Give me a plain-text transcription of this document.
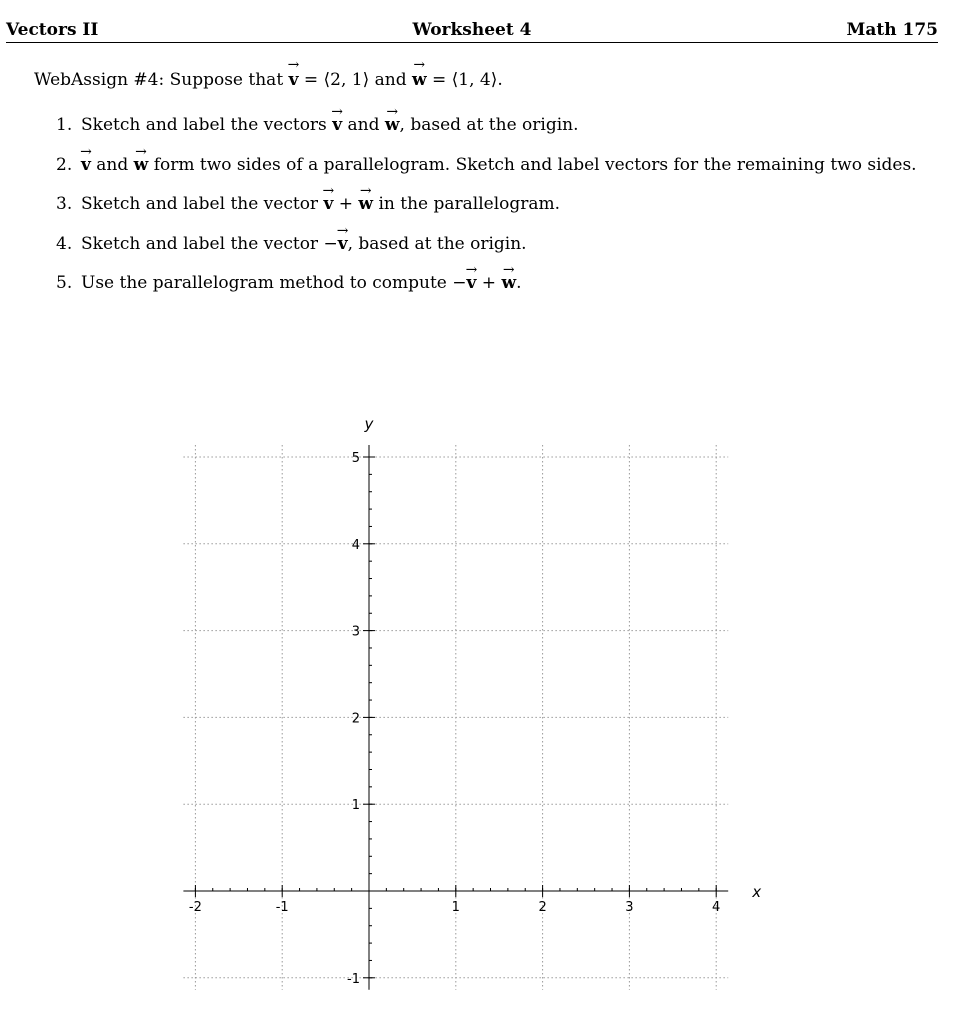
Vectors II	Worksheet 4	Math 175
WebAssign #4: Suppose that → v = ⟨2, 1⟩ and → w = ⟨1, 4⟩.
1. Sketch and label the vectors → v and → w, based at the origin.
2.→ v and → w form two sides of a parallelogram. Sketch and label vectors for the remaining two sides.
3. Sketch and label the vector → v + → w in the parallelogram.
4. Sketch and label the vector −→ v, based at the origin.
5. Use the parallelogram method to compute −→ v + → w.
-2	-1	1	2	3	4
-1
1
2
3
4
5
x
y
